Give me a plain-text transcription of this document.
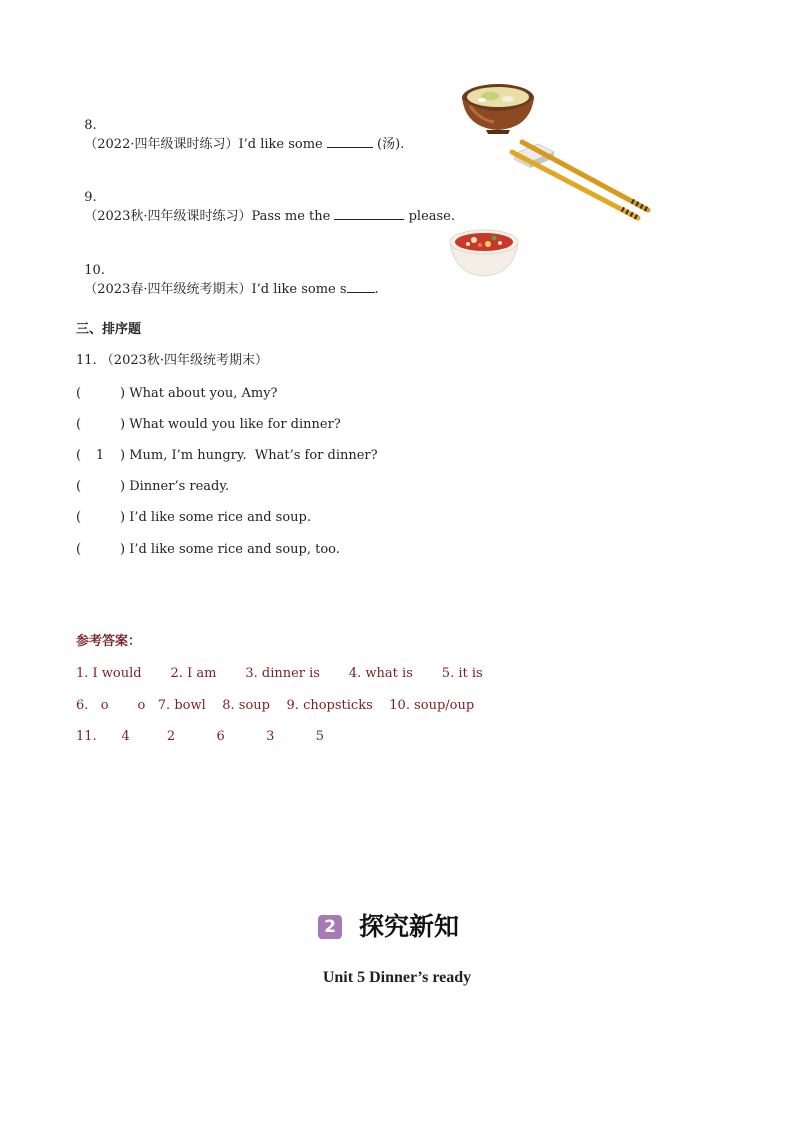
8.
（2022·四年级课时练习）I’d like some	(汤).

9.
（2023秋·四年级课时练习）Pass me the	please.

10.
（2023春·四年级统考期末）I’d like some s .

三、排序题
11. （2023秋·四年级统考期末）
(	) What about you, Amy?
(	) What would you like for dinner?
( 1 ) Mum, I’m hungry.  What’s for dinner?
(	) Dinner’s ready.
(	) I’d like some rice and soup.
(	) I’d like some rice and soup, too.
参考答案：
1. I would       2. I am       3. dinner is       4. what is       5. it is
6.   o       o   7. bowl    8. soup    9. chopsticks    10. soup/oup
11.      4         2          6          3          5
2 探究新知
Unit 5 Dinner’s ready
